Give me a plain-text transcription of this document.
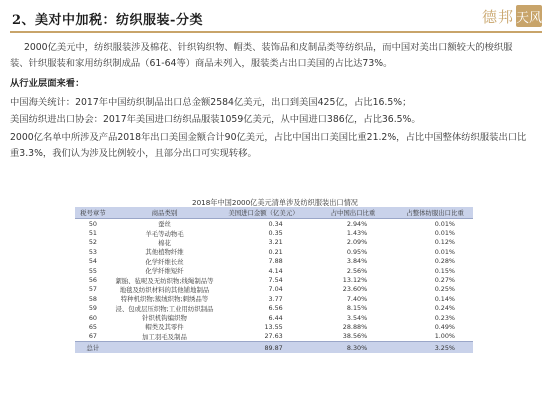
2、美对中加税：纺织服装-分类	德邦 天风

2000亿美元中，纺织服装涉及棉花、针织钩织物、帽类、装饰品和皮制品类等纺织品，而中国对美出口额较大的梭织服装、针织服装和家用纺织制成品（61-64等）商品未列入，服装类占出口美国的占比达73%。

从行业层面来看：

中国海关统计：2017年中国纺织制品出口总金额2584亿美元，出口到美国425亿，占比16.5%；

美国纺织进出口协会：2017年美国进口纺织品服装1059亿美元，从中国进口386亿，占比36.5%。

2000亿名单中所涉及产品2018年出口美国金额合计90亿美元，占比中国出口美国比重21.2%，占比中国整体纺织服装出口比重3.3%，我们认为涉及比例较小，且部分出口可实现转移。

2018年中国2000亿美元清单涉及纺织服装出口情况
税号章节	商品类别	美国进口金额（亿美元）	占中国出口比重	占整体纺服出口比重
50	蚕丝	0.34	2.94%	0.01%
51	羊毛等动物毛	0.35	1.43%	0.01%
52	棉花	3.21	2.09%	0.12%
53	其他植物纤维	0.21	0.95%	0.01%
54	化学纤维长丝	7.88	3.84%	0.28%
55	化学纤维短纤	4.14	2.56%	0.15%
56	絮胎、毡呢及无纺织物;线绳制品等	7.54	13.12%	0.27%
57	地毯及纺织材料的其他铺地制品	7.04	23.60%	0.25%
58	特种机织物;簇绒织物;刺绣品等	3.77	7.40%	0.14%
59	浸、包或层压织物;工业用纺织制品	6.56	8.15%	0.24%
60	针织机钩编织物	6.44	3.54%	0.23%
65	帽类及其零件	13.55	28.88%	0.49%
67	加工羽毛及制品	27.63	38.56%	1.00%
总计		89.87	8.30%	3.25%
